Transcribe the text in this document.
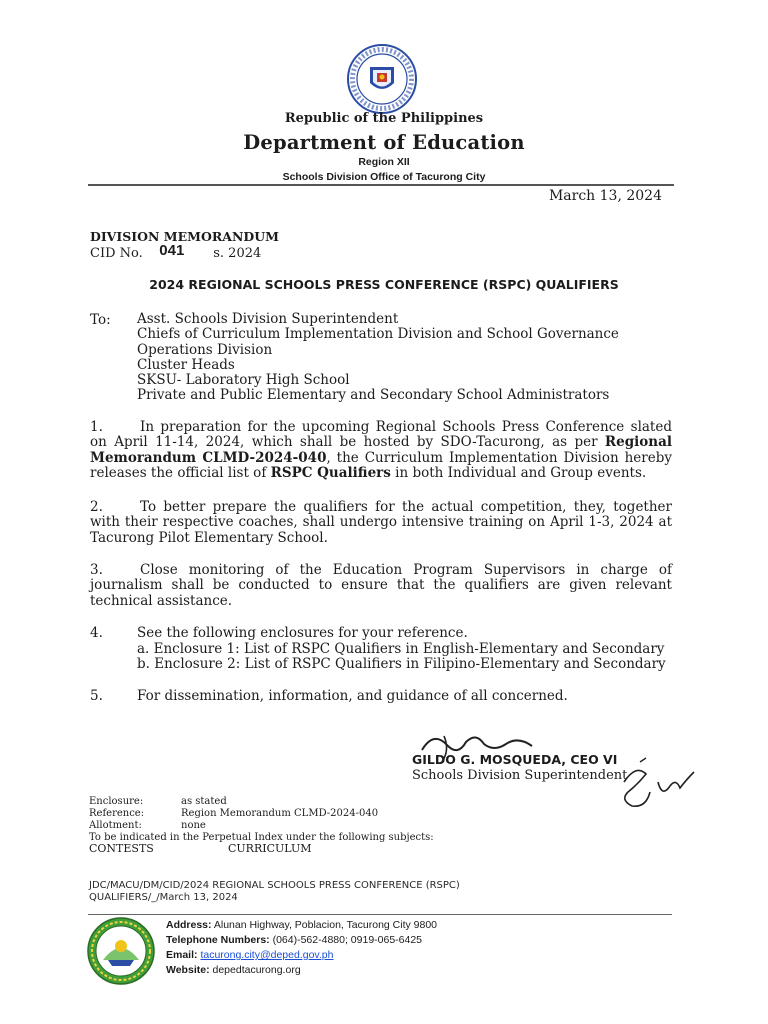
Republic of the Philippines
Department of Education
Region XII
Schools Division Office of Tacurong City
March 13, 2024
DIVISION MEMORANDUM
CID No. 041 s. 2024
2024 REGIONAL SCHOOLS PRESS CONFERENCE (RSPC) QUALIFIERS
To: Asst. Schools Division Superintendent
Chiefs of Curriculum Implementation Division and School Governance
Operations Division
Cluster Heads
SKSU- Laboratory High School
Private and Public Elementary and Secondary School Administrators
1.	In preparation for the upcoming Regional Schools Press Conference slated on April 11-14, 2024, which shall be hosted by SDO-Tacurong, as per Regional Memorandum CLMD-2024-040, the Curriculum Implementation Division hereby releases the official list of RSPC Qualifiers in both Individual and Group events.
2.	To better prepare the qualifiers for the actual competition, they, together with their respective coaches, shall undergo intensive training on April 1-3, 2024 at Tacurong Pilot Elementary School.
3.	Close monitoring of the Education Program Supervisors in charge of journalism shall be conducted to ensure that the qualifiers are given relevant technical assistance.
4.	See the following enclosures for your reference.
a. Enclosure 1: List of RSPC Qualifiers in English-Elementary and Secondary
b. Enclosure 2: List of RSPC Qualifiers in Filipino-Elementary and Secondary
5.	For dissemination, information, and guidance of all concerned.
GILDO G. MOSQUEDA, CEO VI
Schools Division Superintendent
Enclosure:	as stated
Reference:	Region Memorandum CLMD-2024-040
Allotment:	none
To be indicated in the Perpetual Index under the following subjects:
CONTESTS	CURRICULUM
JDC/MACU/DM/CID/2024 REGIONAL SCHOOLS PRESS CONFERENCE (RSPC)
QUALIFIERS/_/March 13, 2024
Address: Alunan Highway, Poblacion, Tacurong City 9800
Telephone Numbers: (064)-562-4880; 0919-065-6425
Email: tacurong.city@deped.gov.ph
Website: depedtacurong.org
